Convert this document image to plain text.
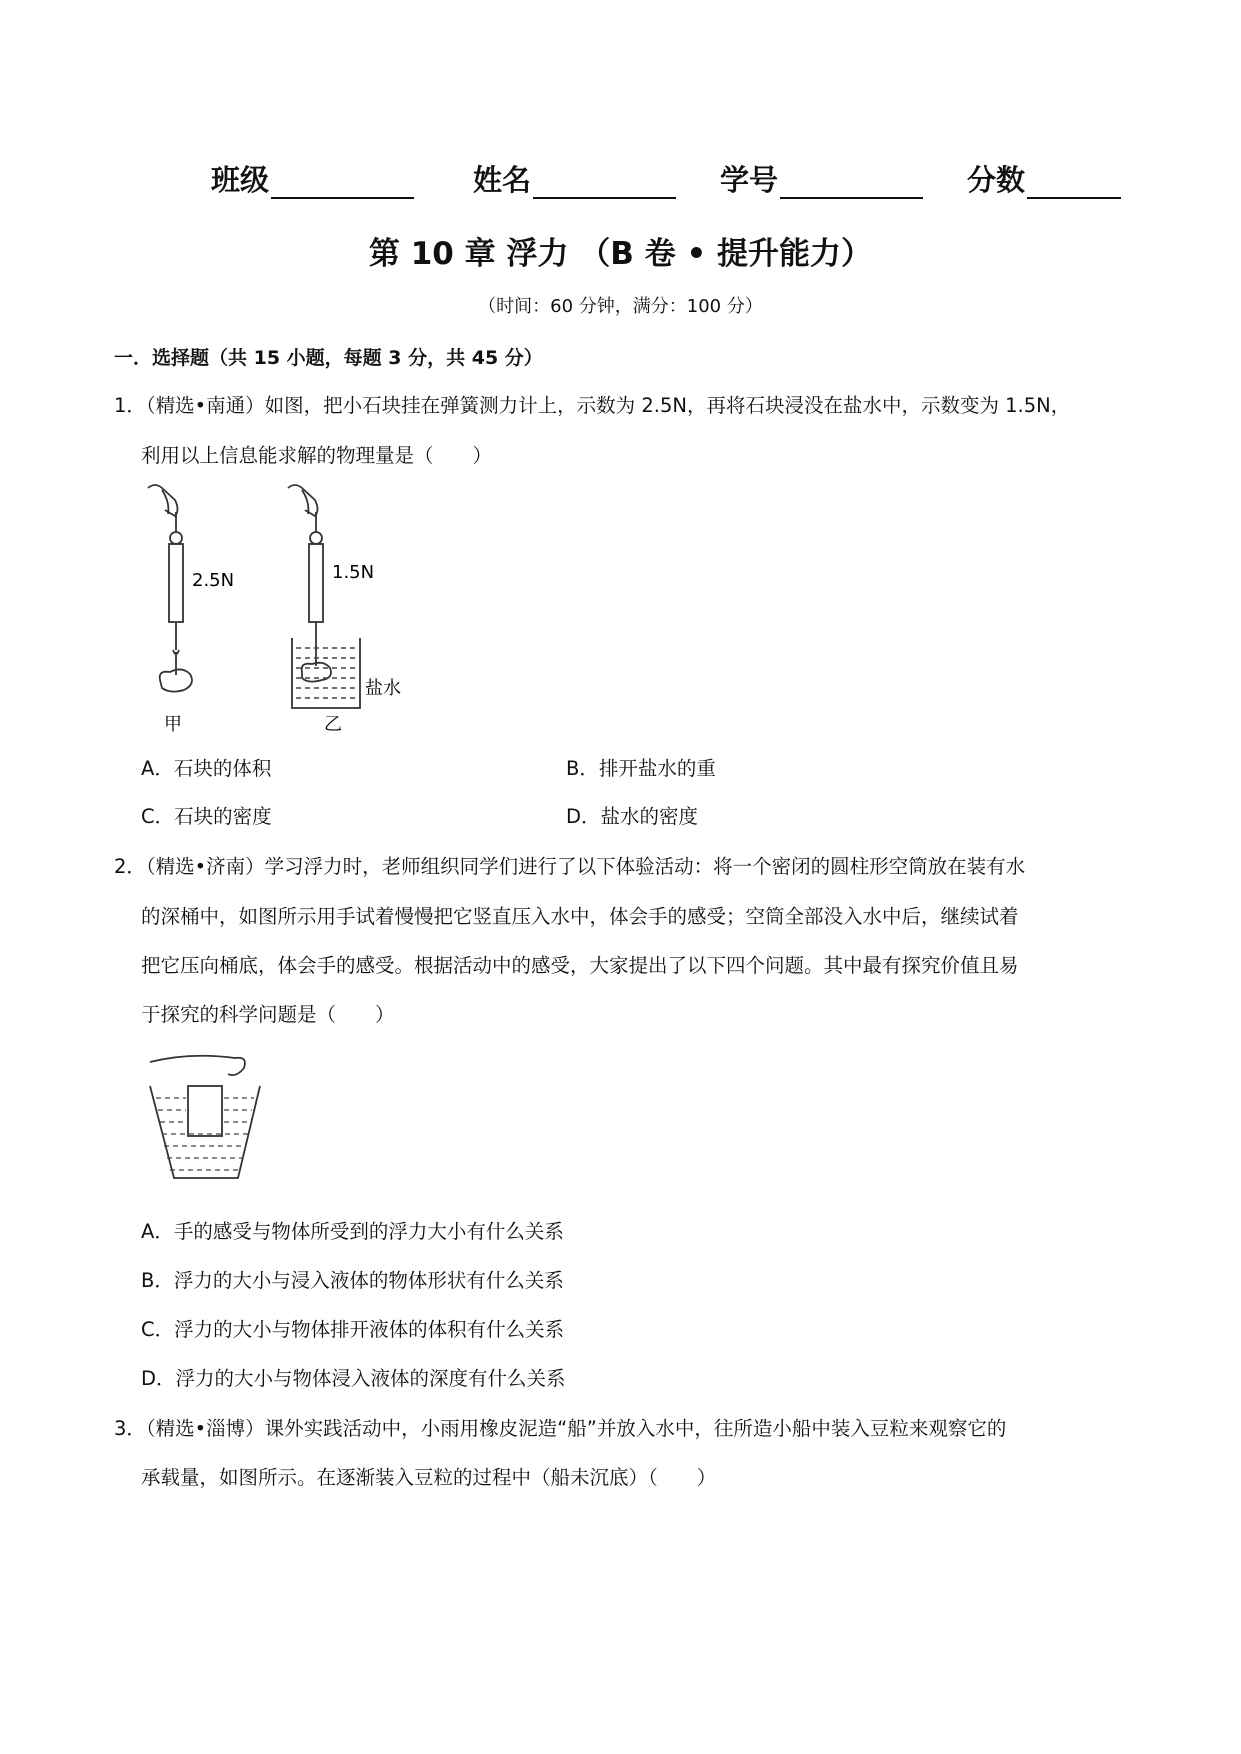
班级	姓名	学号	分数
第 10 章 浮力 （B 卷 • 提升能力）
（时间：60 分钟，满分：100 分）
一．选择题（共 15 小题，每题 3 分，共 45 分）
1．（精选•南通）如图，把小石块挂在弹簧测力计上，示数为 2.5N，再将石块浸没在盐水中，示数变为 1.5N，
利用以上信息能求解的物理量是（　　）
2.5N	1.5N
盐水
甲	乙
A．石块的体积	B．排开盐水的重
C．石块的密度	D．盐水的密度
2．（精选•济南）学习浮力时，老师组织同学们进行了以下体验活动：将一个密闭的圆柱形空筒放在装有水
的深桶中，如图所示用手试着慢慢把它竖直压入水中，体会手的感受；空筒全部没入水中后，继续试着
把它压向桶底，体会手的感受。根据活动中的感受，大家提出了以下四个问题。其中最有探究价值且易
于探究的科学问题是（　　）
A．手的感受与物体所受到的浮力大小有什么关系
B．浮力的大小与浸入液体的物体形状有什么关系
C．浮力的大小与物体排开液体的体积有什么关系
D．浮力的大小与物体浸入液体的深度有什么关系
3．（精选•淄博）课外实践活动中，小雨用橡皮泥造“船”并放入水中，往所造小船中装入豆粒来观察它的
承载量，如图所示。在逐渐装入豆粒的过程中（船未沉底）（　　）
